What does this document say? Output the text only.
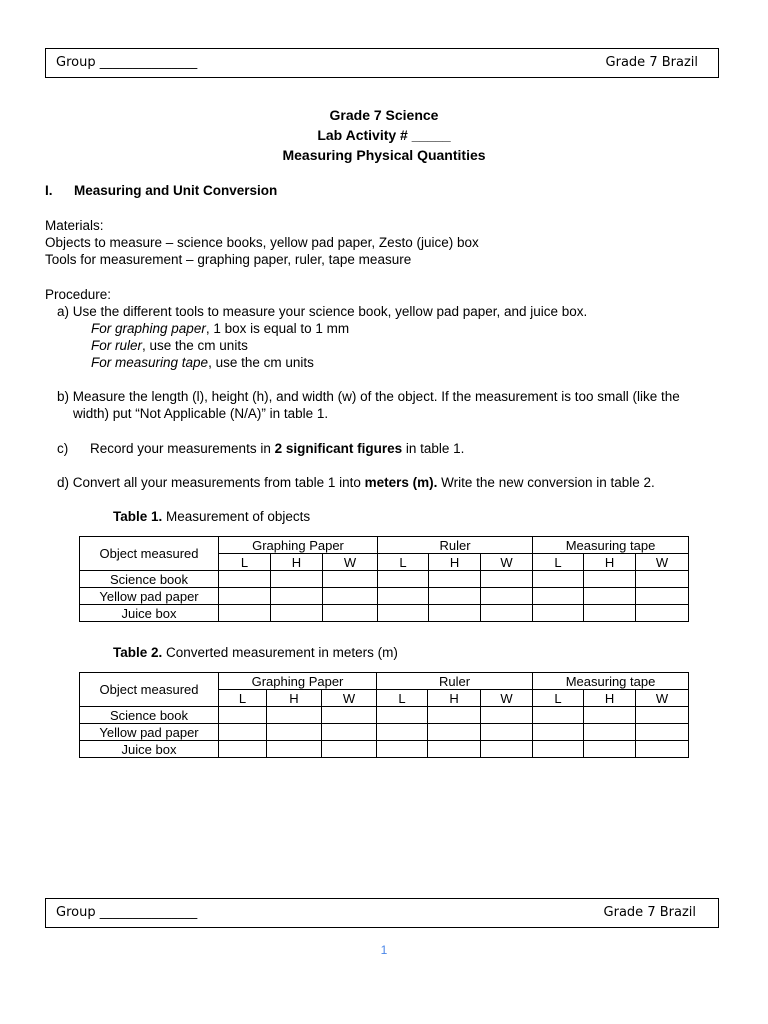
Group _______________	Grade 7 Brazil
Grade 7 Science
Lab Activity # _____
Measuring Physical Quantities
I. Measuring and Unit Conversion
Materials:
Objects to measure – science books, yellow pad paper, Zesto (juice) box
Tools for measurement – graphing paper, ruler, tape measure
Procedure:
a) Use the different tools to measure your science book, yellow pad paper, and juice box.
For graphing paper, 1 box is equal to 1 mm
For ruler, use the cm units
For measuring tape, use the cm units
b) Measure the length (l), height (h), and width (w) of the object. If the measurement is too small (like the
width) put “Not Applicable (N/A)” in table 1.
c) Record your measurements in 2 significant figures in table 1.
d) Convert all your measurements from table 1 into meters (m). Write the new conversion in table 2.
Table 1. Measurement of objects
Object measured	Graphing Paper			Ruler			Measuring tape		
	L	H	W	L	H	W	L	H	W
Science book									
Yellow pad paper									
Juice box									
Table 2. Converted measurement in meters (m)
Object measured	Graphing Paper			Ruler			Measuring tape		
	L	H	W	L	H	W	L	H	W
Science book									
Yellow pad paper									
Juice box									
Group _______________	Grade 7 Brazil
1
